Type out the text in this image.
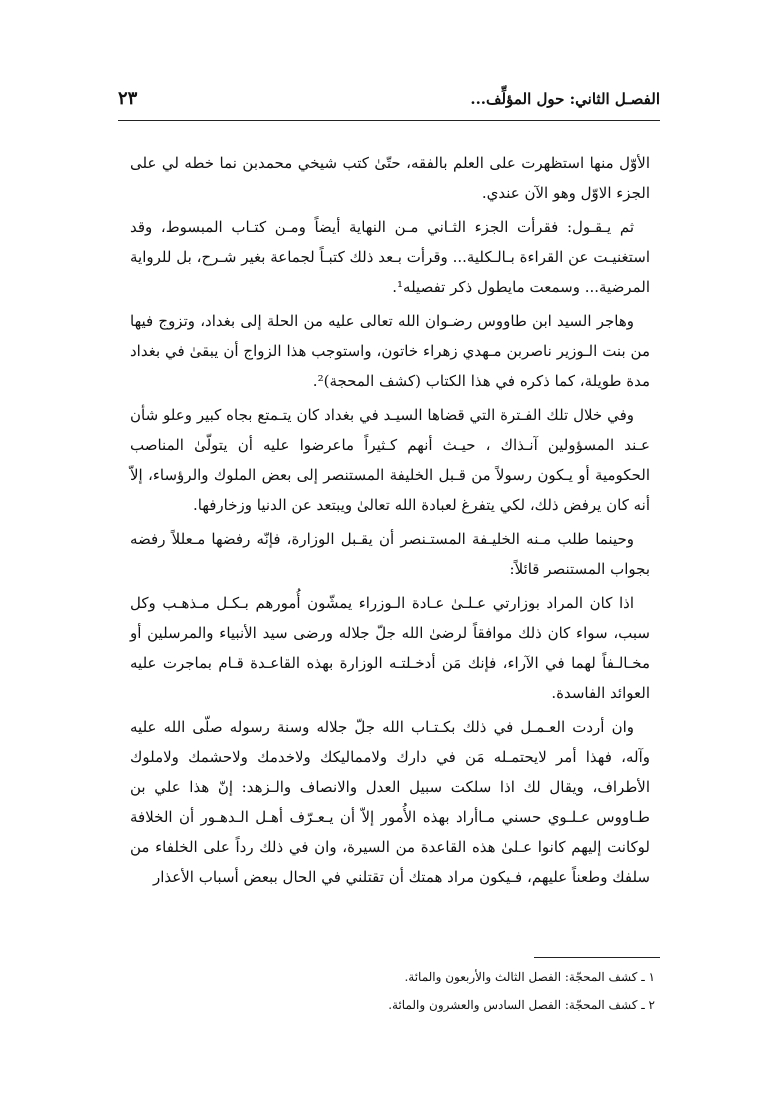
الفصـل الثاني: حول المؤلِّف...
٢٣

الأوّل منها استظهرت على العلم بالفقه، حتّىٰ كتب شيخي محمدبن نما خطه لي على الجزء الاوّل وهو الآن عندي.

ثم يـقـول: فقرأت الجزء الثـاني مـن النهاية أيضاً ومـن كتـاب المبسوط، وقد استغنيـت عن القراءة بـالـكلية... وقرأت بـعد ذلك كتبـاً لجماعة بغير شـرح، بل للرواية المرضية... وسمعت مايطول ذكر تفصيله¹.

وهاجر السيد ابن طاووس رضـوان الله تعالى عليه من الحلة إلى بغداد، وتزوج فيها من بنت الـوزير ناصربن مـهدي زهراء خاتون، واستوجب هذا الزواج أن يبقىٰ في بغداد مدة طويلة، كما ذكره في هذا الكتاب (كشف المحجة)².

وفي خلال تلك الفـترة التي قضاها السيـد في بغداد كان يتـمتع بجاه كبير وعلو شأن عـند المسؤولين آنـذاك ، حيـث أنهم كـثيراً ماعرضوا عليه أن يتولّىٰ المناصب الحكومية أو يـكون رسولاً من قـبل الخليفة المستنصر إلى بعض الملوك والرؤساء، إلاّ أنه كان يرفض ذلك، لكي يتفرغ لعبادة الله تعالىٰ ويبتعد عن الدنيا وزخارفها.

وحينما طلب مـنه الخليـفة المستـنصر أن يقـبل الوزارة، فإنّه رفضها مـعللاً رفضه بجواب المستنصر قائلاً:

اذا كان المراد بوزارتي عـلـىٰ عـادة الـوزراء يمشّون أُمورهم بـكـل مـذهـب وكل سبب، سواء كان ذلك موافقاً لرضىٰ الله جلّ جلاله ورضى سيد الأنبياء والمرسلين أو مخـالـفاً لهما في الآراء، فإنك مَن أدخـلتـه الوزارة بهذه القاعـدة قـام بماجرت عليه العوائد الفاسدة.

وان أردت العـمـل في ذلك بكـتـاب الله جلّ جلاله وسنة رسوله صلّى الله عليه وآله، فهذا أمر لايحتمـله مَن في دارك ولامماليكك ولاخدمك ولاحشمك ولاملوك الأطراف، ويقال لك اذا سلكت سبيل العدل والانصاف والـزهد: إنّ هذا علي بن طـاووس عـلـوي حسني مـاأراد بهذه الأُمور إلاّ أن يـعـرّف أهـل الـدهـور أن الخلافة لوكانت إليهم كانوا عـلىٰ هذه القاعدة من السيرة، وان في ذلك رداً على الخلفاء من سلفك وطعناً عليهم، فـيكون مراد همتك أن تقتلني في الحال ببعض أسباب الأعذار

١ ـ كشف المحجّة: الفصل الثالث والأربعون والمائة.
٢ ـ كشف المحجّة: الفصل السادس والعشرون والمائة.
